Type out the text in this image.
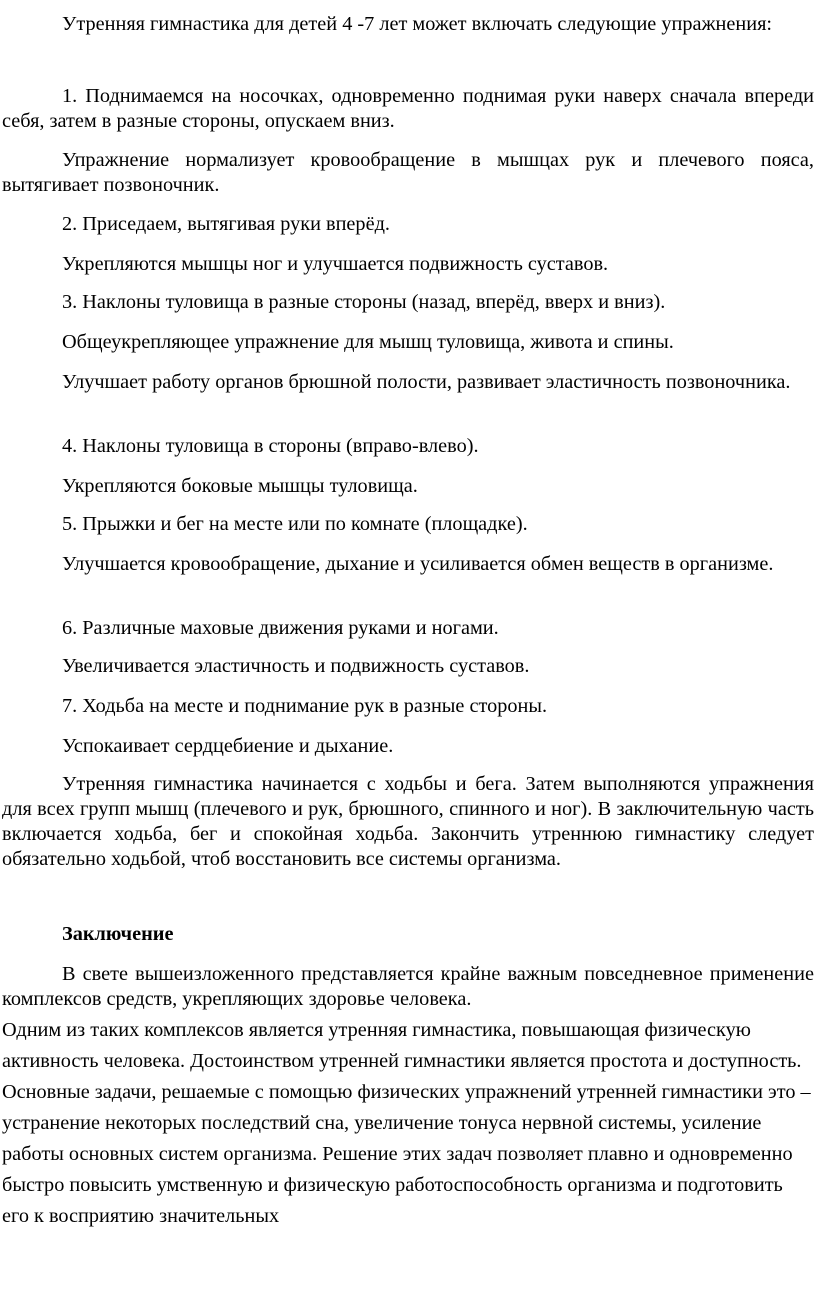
Утренняя гимнастика для детей 4 -7 лет может включать следующие упражнения:

1. Поднимаемся на носочках, одновременно поднимая руки наверх сначала впереди себя, затем в разные стороны, опускаем вниз.

Упражнение нормализует кровообращение в мышцах рук и плечевого пояса, вытягивает позвоночник.

2. Приседаем, вытягивая руки вперёд.

Укрепляются мышцы ног и улучшается подвижность суставов.

3. Наклоны туловища в разные стороны (назад, вперёд, вверх и вниз).

Общеукрепляющее упражнение для мышц туловища, живота и спины.

Улучшает работу органов брюшной полости, развивает эластичность позвоночника.

4. Наклоны туловища в стороны (вправо-влево).

Укрепляются боковые мышцы туловища.

5. Прыжки и бег на месте или по комнате (площадке).

Улучшается кровообращение, дыхание и усиливается обмен веществ в организме.

6. Различные маховые движения руками и ногами.

Увеличивается эластичность и подвижность суставов.

7. Ходьба на месте и поднимание рук в разные стороны.

Успокаивает сердцебиение и дыхание.

Утренняя гимнастика начинается с ходьбы и бега. Затем выполняются упражнения для всех групп мышц (плечевого и рук, брюшного, спинного и ног). В заключительную часть включается ходьба, бег и спокойная ходьба. Закончить утреннюю гимнастику следует обязательно ходьбой, чтоб восстановить все системы организма.

Заключение

В свете вышеизложенного представляется крайне важным повседневное применение комплексов средств, укрепляющих здоровье человека.

Одним из таких комплексов является утренняя гимнастика, повышающая физическую активность человека. Достоинством утренней гимнастики является простота и доступность. Основные задачи, решаемые с помощью физических упражнений утренней гимнастики это – устранение некоторых последствий сна, увеличение тонуса нервной системы, усиление работы основных систем организма. Решение этих задач позволяет плавно и одновременно быстро повысить умственную и физическую работоспособность организма и подготовить его к восприятию значительных
